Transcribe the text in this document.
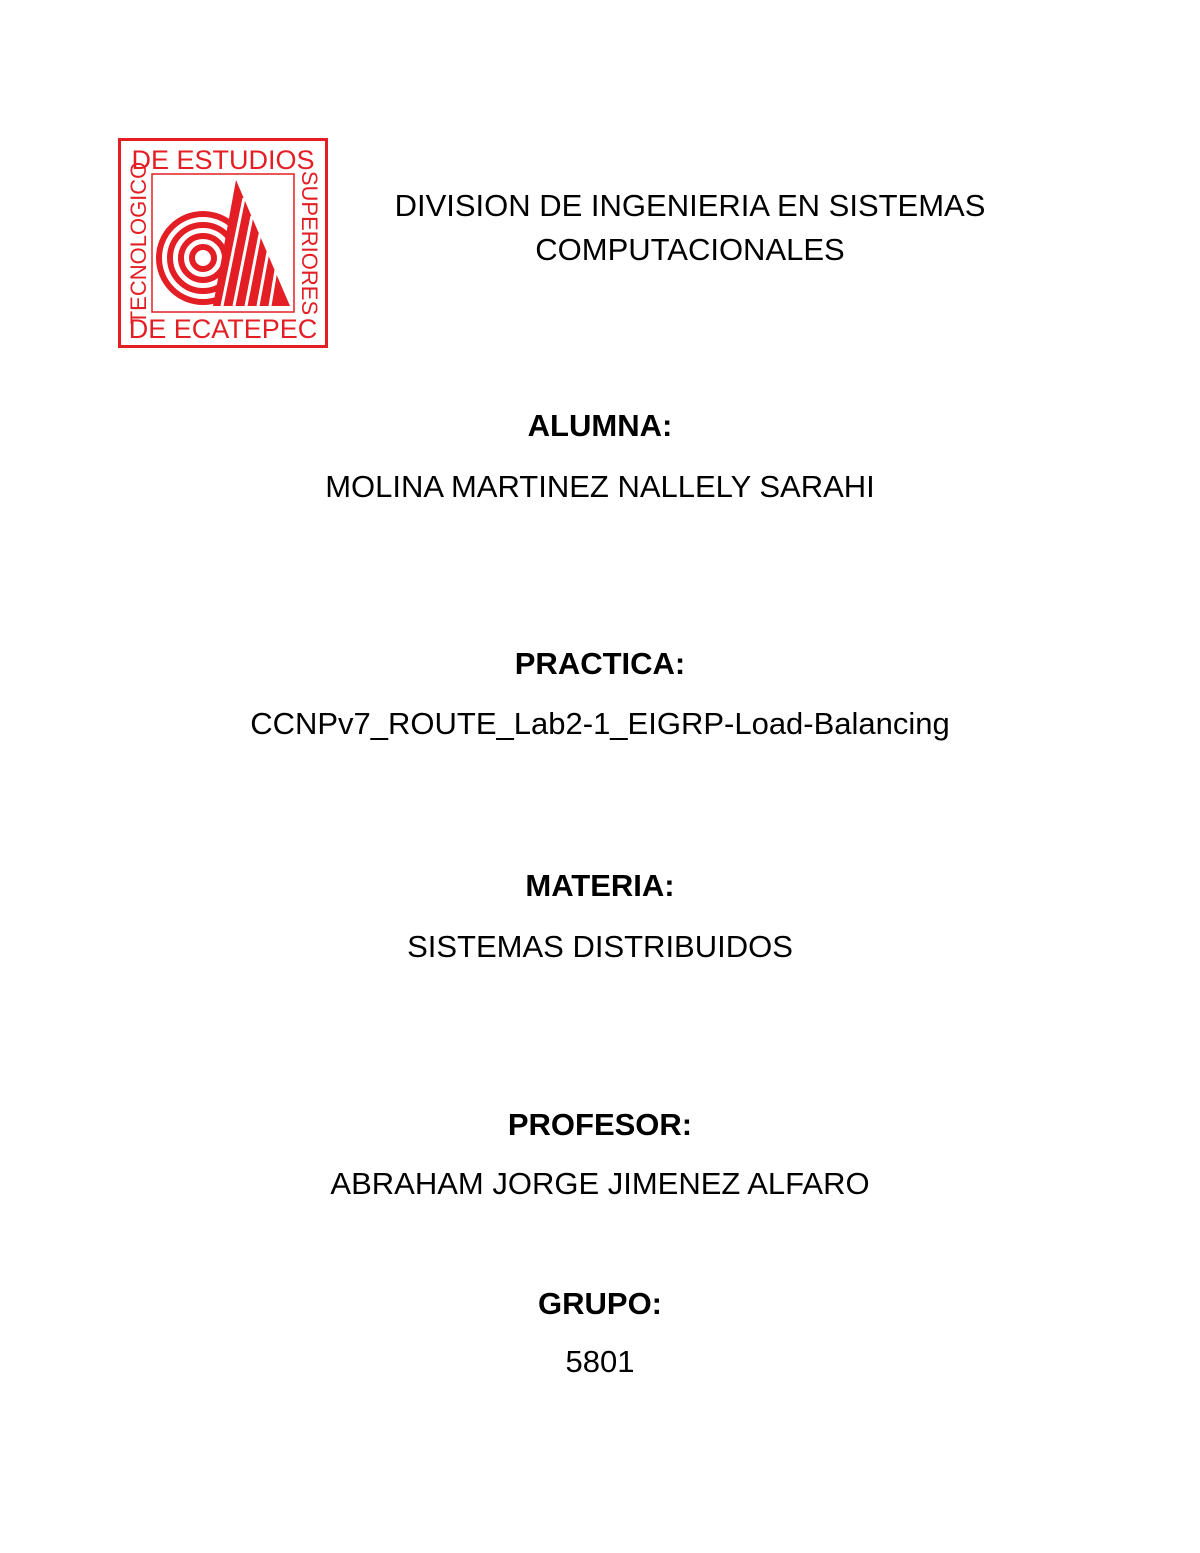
DE ESTUDIOS
DE ECATEPEC
TECNOLOGICO	SUPERIORES	DIVISION DE INGENIERIA EN SISTEMAS
COMPUTACIONALES
ALUMNA:
MOLINA MARTINEZ NALLELY SARAHI
PRACTICA:
CCNPv7_ROUTE_Lab2-1_EIGRP-Load-Balancing
MATERIA:
SISTEMAS DISTRIBUIDOS
PROFESOR:
ABRAHAM JORGE JIMENEZ ALFARO
GRUPO:
5801
